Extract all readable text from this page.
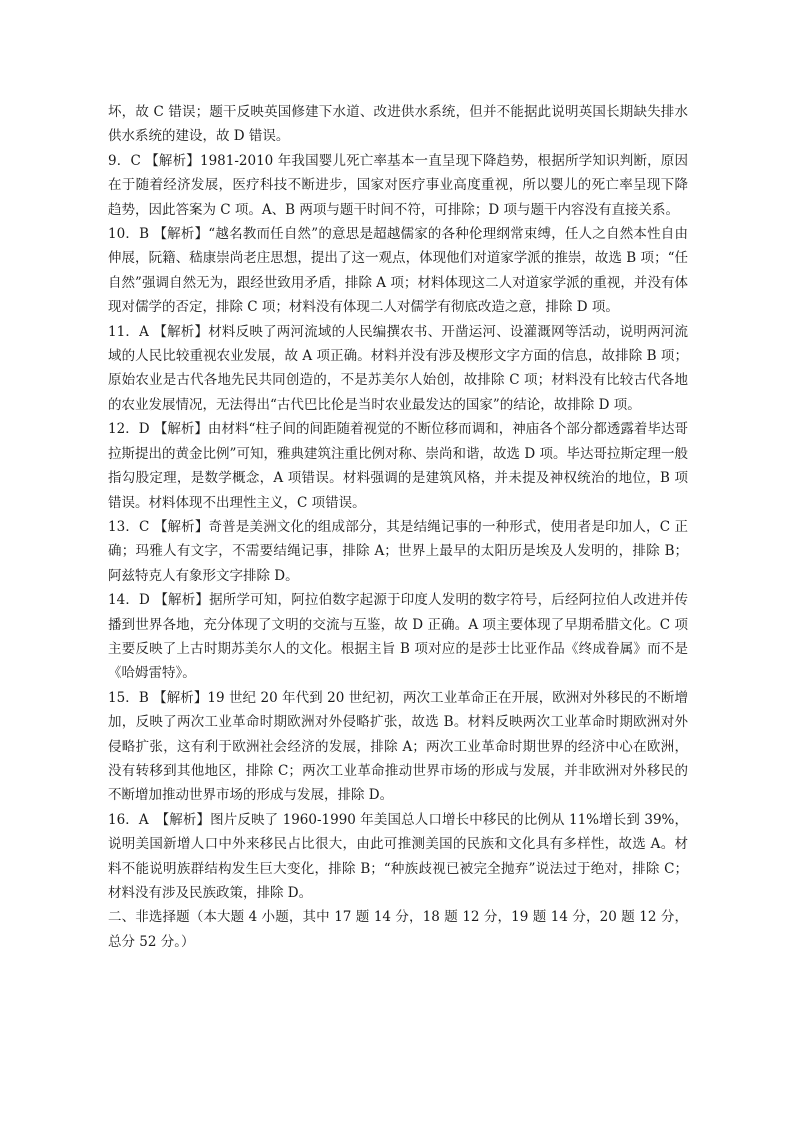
坏，故 C 错误；题干反映英国修建下水道、改进供水系统，但并不能据此说明英国长期缺失排水供水系统的建设，故 D 错误。

9．C 【解析】1981-2010 年我国婴儿死亡率基本一直呈现下降趋势，根据所学知识判断，原因在于随着经济发展，医疗科技不断进步，国家对医疗事业高度重视，所以婴儿的死亡率呈现下降趋势，因此答案为 C 项。A、B 两项与题干时间不符，可排除；D 项与题干内容没有直接关系。

10．B 【解析】“越名教而任自然”的意思是超越儒家的各种伦理纲常束缚，任人之自然本性自由伸展，阮籍、嵇康崇尚老庄思想，提出了这一观点，体现他们对道家学派的推崇，故选 B 项；“任自然”强调自然无为，跟经世致用矛盾，排除 A 项；材料体现这二人对道家学派的重视，并没有体现对儒学的否定，排除 C 项；材料没有体现二人对儒学有彻底改造之意，排除 D 项。

11．A 【解析】材料反映了两河流域的人民编撰农书、开凿运河、设灌溉网等活动，说明两河流域的人民比较重视农业发展，故 A 项正确。材料并没有涉及楔形文字方面的信息，故排除 B 项；原始农业是古代各地先民共同创造的，不是苏美尔人始创，故排除 C 项；材料没有比较古代各地的农业发展情况，无法得出“古代巴比伦是当时农业最发达的国家”的结论，故排除 D 项。

12．D 【解析】由材料“柱子间的间距随着视觉的不断位移而调和，神庙各个部分都透露着毕达哥拉斯提出的黄金比例”可知，雅典建筑注重比例对称、崇尚和谐，故选 D 项。毕达哥拉斯定理一般指勾股定理，是数学概念，A 项错误。材料强调的是建筑风格，并未提及神权统治的地位，B 项错误。材料体现不出理性主义，C 项错误。

13．C 【解析】奇普是美洲文化的组成部分，其是结绳记事的一种形式，使用者是印加人，C 正确；玛雅人有文字，不需要结绳记事，排除 A；世界上最早的太阳历是埃及人发明的，排除 B；阿兹特克人有象形文字排除 D。

14．D 【解析】据所学可知，阿拉伯数字起源于印度人发明的数字符号，后经阿拉伯人改进并传播到世界各地，充分体现了文明的交流与互鉴，故 D 正确。A 项主要体现了早期希腊文化。C 项主要反映了上古时期苏美尔人的文化。根据主旨 B 项对应的是莎士比亚作品《终成眷属》而不是《哈姆雷特》。

15．B 【解析】19 世纪 20 年代到 20 世纪初，两次工业革命正在开展，欧洲对外移民的不断增加，反映了两次工业革命时期欧洲对外侵略扩张，故选 B。材料反映两次工业革命时期欧洲对外侵略扩张，这有利于欧洲社会经济的发展，排除 A；两次工业革命时期世界的经济中心在欧洲，没有转移到其他地区，排除 C；两次工业革命推动世界市场的形成与发展，并非欧洲对外移民的不断增加推动世界市场的形成与发展，排除 D。

16．A　【解析】图片反映了 1960-1990 年美国总人口增长中移民的比例从 11%增长到 39%，说明美国新增人口中外来移民占比很大，由此可推测美国的民族和文化具有多样性，故选 A。材料不能说明族群结构发生巨大变化，排除 B；“种族歧视已被完全抛弃”说法过于绝对，排除 C；材料没有涉及民族政策，排除 D。

二、非选择题（本大题 4 小题，其中 17 题 14 分，18 题 12 分，19 题 14 分，20 题 12 分，总分 52 分。）
